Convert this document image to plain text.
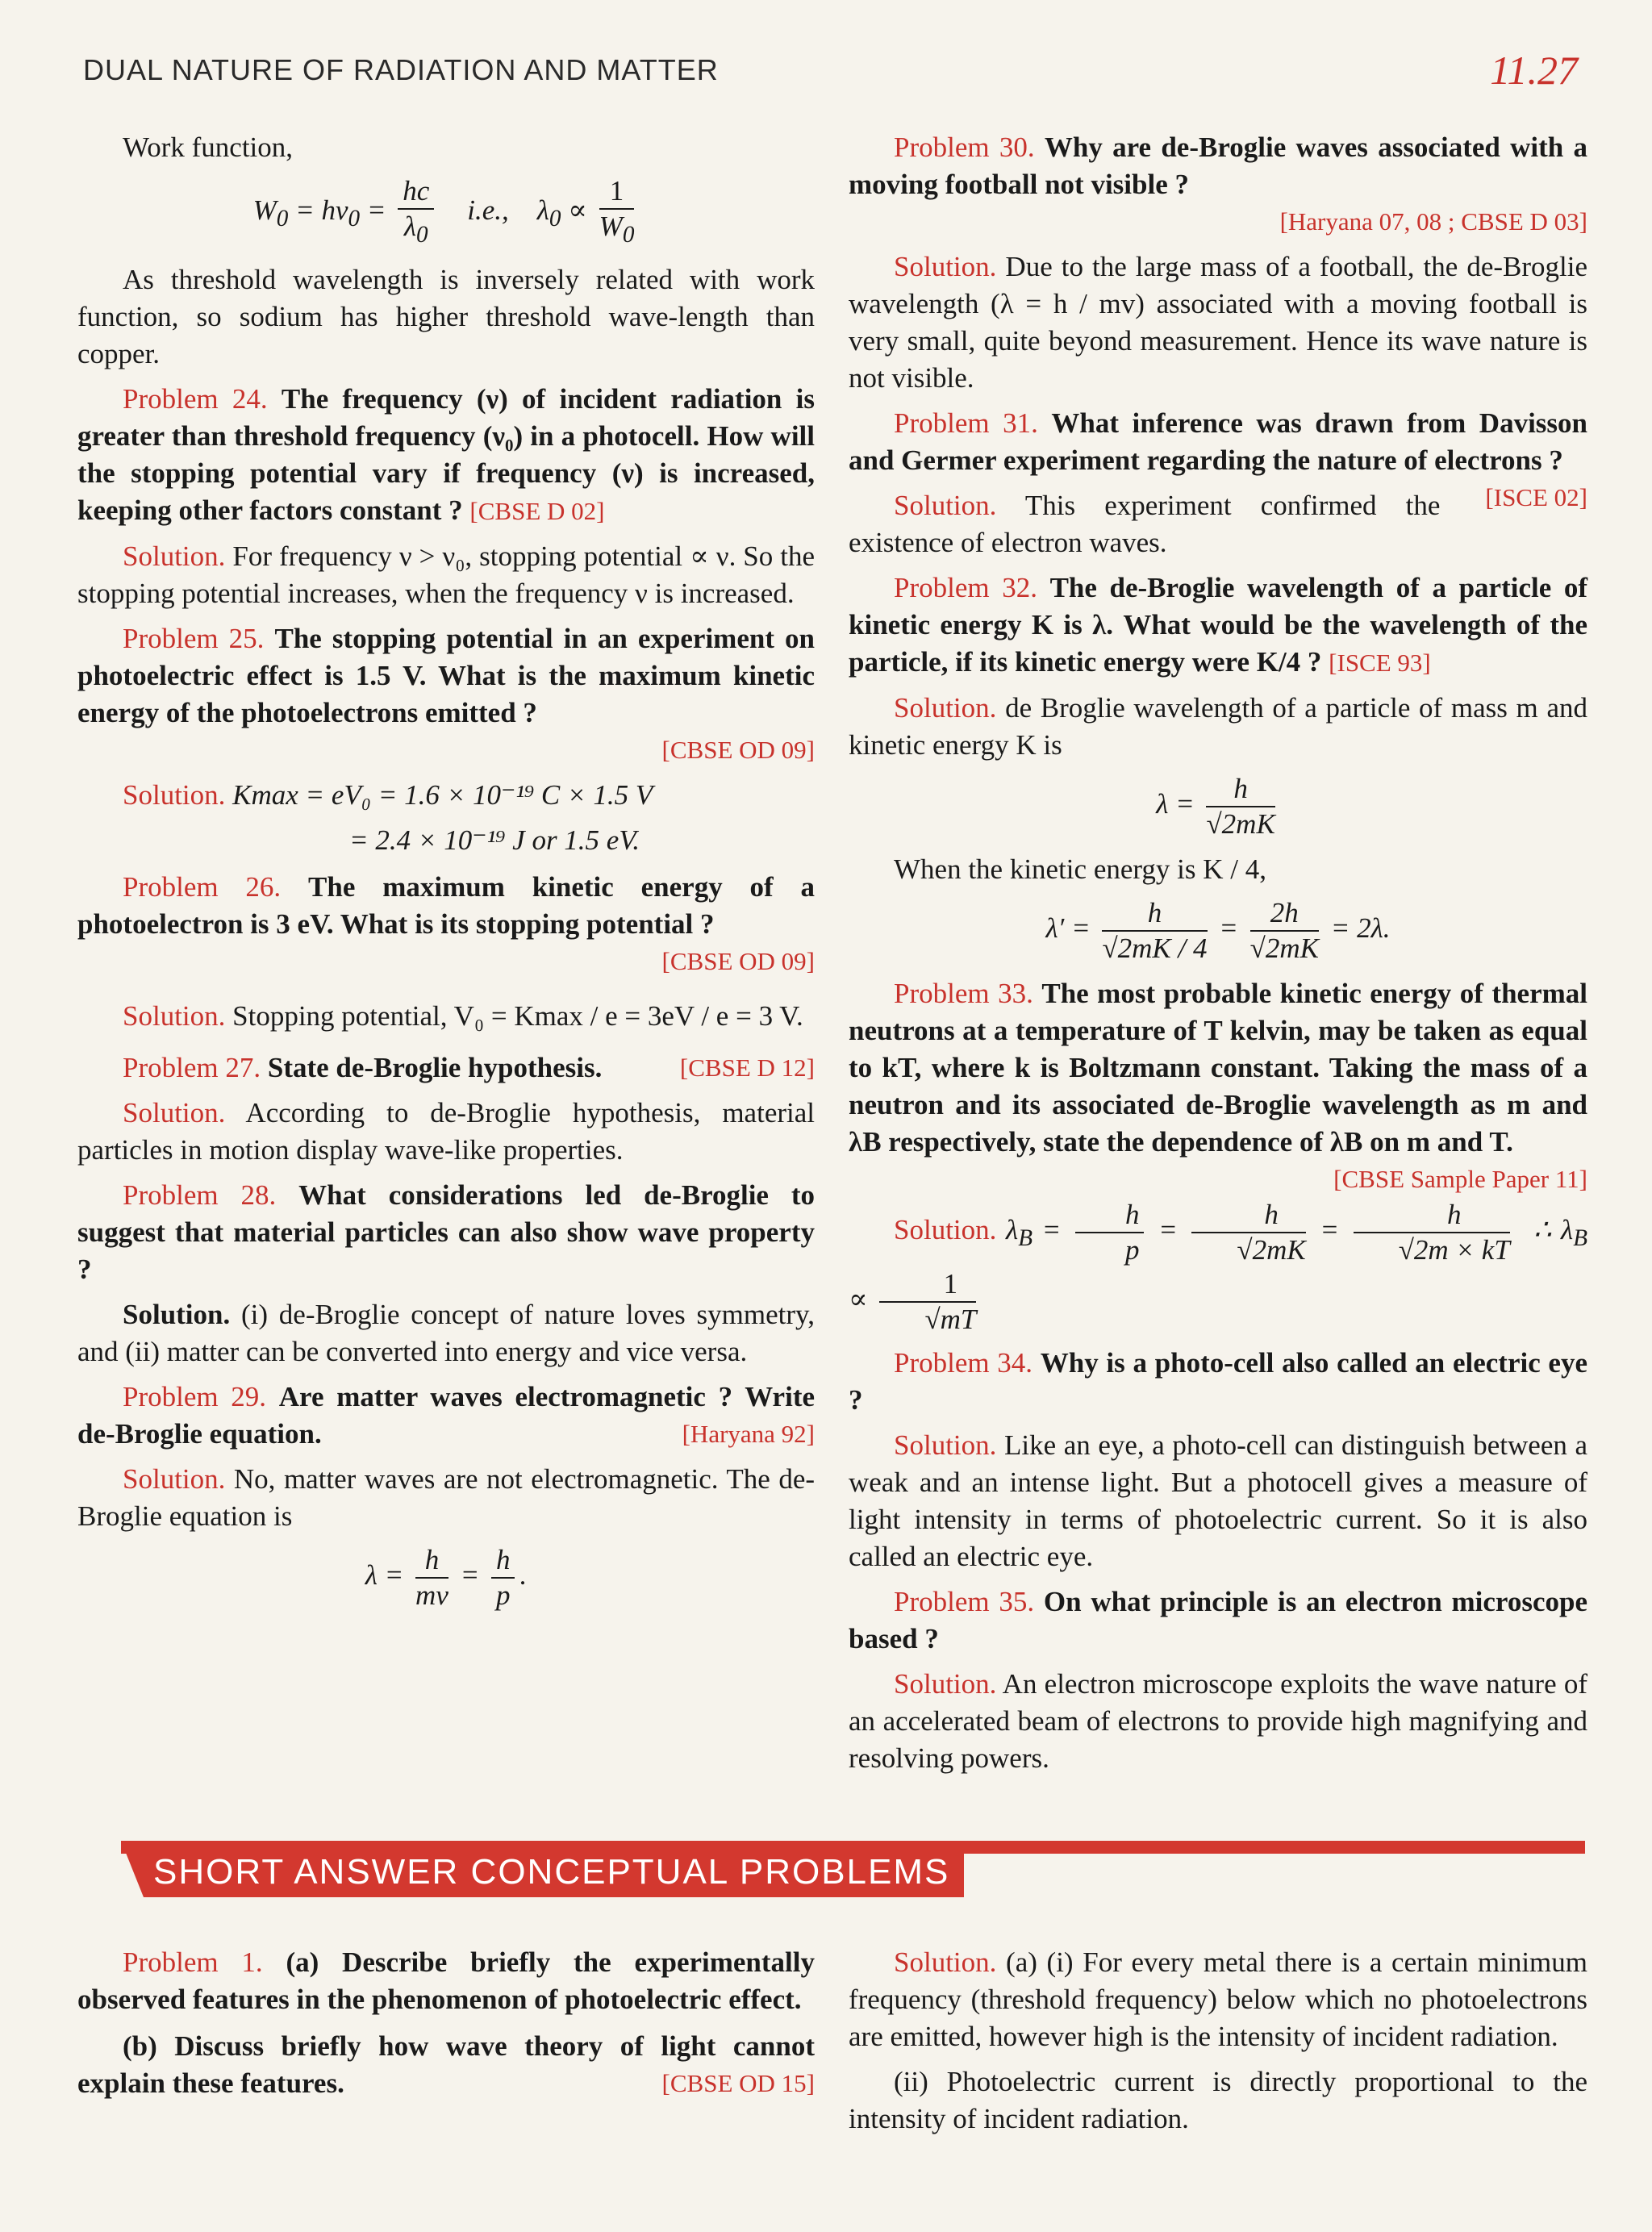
DUAL NATURE OF RADIATION AND MATTER	11.27

Work function,

$W_0 = h\nu_0 = \frac{hc}{\lambda_0} i.e$.,    $\lambda_0 \propto \frac{1}{W_0}$

As threshold wavelength is inversely related with work function, so sodium has higher threshold wave-length than copper.

Problem 24. The frequency (ν) of incident radiation is greater than threshold frequency (ν₀) in a photocell. How will the stopping potential vary if frequency (ν) is increased, keeping other factors constant ? [CBSE D 02]

Solution. For frequency ν > ν₀, stopping potential ∝ ν. So the stopping potential increases, when the frequency ν is increased.

Problem 25. The stopping potential in an experiment on photoelectric effect is 1.5 V. What is the maximum kinetic energy of the photoelectrons emitted ?
[CBSE OD 09]

Solution. Kmax = eV₀ = 1.6 × 10⁻¹⁹ C × 1.5 V

= 2.4 × 10⁻¹⁹ J or 1.5 eV.

Problem 26. The maximum kinetic energy of a photoelectron is 3 eV. What is its stopping potential ?
[CBSE OD 09]

Solution. Stopping potential, V₀ = Kmax / e = 3eV / e = 3 V.

Problem 27. State de-Broglie hypothesis.	[CBSE D 12]

Solution. According to de-Broglie hypothesis, material particles in motion display wave-like properties.

Problem 28. What considerations led de-Broglie to suggest that material particles can also show wave property ?

Solution. (i) de-Broglie concept of nature loves symmetry, and (ii) matter can be converted into energy and vice versa.

Problem 29. Are matter waves electromagnetic ? Write de-Broglie equation.	[Haryana 92]

Solution. No, matter waves are not electromagnetic. The de-Broglie equation is

$\lambda = \frac{h}{mv} = \frac{h}{p}$ .

Problem 30. Why are de-Broglie waves associated with a moving football not visible ?
[Haryana 07, 08 ; CBSE D 03]

Solution. Due to the large mass of a football, the de-Broglie wavelength (λ = h / mv) associated with a moving football is very small, quite beyond measurement. Hence its wave nature is not visible.

Problem 31. What inference was drawn from Davisson and Germer experiment regarding the nature of electrons ?
[ISCE 02]

Solution. This experiment confirmed the existence of electron waves.

Problem 32. The de-Broglie wavelength of a particle of kinetic energy K is λ. What would be the wavelength of the particle, if its kinetic energy were K/4 ? [ISCE 93]

Solution. de Broglie wavelength of a particle of mass m and kinetic energy K is

$\lambda = \frac{h}{√2mK}$

When the kinetic energy is K / 4,

$\lambda' = \frac{h}{√2mK / 4} = \frac{2h}{√2mK} = 2\lambda$.

Problem 33. The most probable kinetic energy of thermal neutrons at a temperature of T kelvin, may be taken as equal to kT, where k is Boltzmann constant. Taking the mass of a neutron and its associated de-Broglie wavelength as m and λB respectively, state the dependence of λB on m and T.
[CBSE Sample Paper 11]

Solution. $\lambda_B = \frac{h}{p} = \frac{h}{√2mK} = \frac{h}{√2m \times kT}$ ∴ $\lambda_B \propto \frac{1}{√mT}$

Problem 34. Why is a photo-cell also called an electric eye ?

Solution. Like an eye, a photo-cell can distinguish between a weak and an intense light. But a photocell gives a measure of light intensity in terms of photoelectric current. So it is also called an electric eye.

Problem 35. On what principle is an electron microscope based ?

Solution. An electron microscope exploits the wave nature of an accelerated beam of electrons to provide high magnifying and resolving powers.

SHORT ANSWER CONCEPTUAL PROBLEMS

Problem 1. (a) Describe briefly the experimentally observed features in the phenomenon of photoelectric effect.

(b) Discuss briefly how wave theory of light cannot explain these features.	[CBSE OD 15]

Solution. (a) (i) For every metal there is a certain minimum frequency (threshold frequency) below which no photoelectrons are emitted, however high is the intensity of incident radiation.

(ii) Photoelectric current is directly proportional to the intensity of incident radiation.
